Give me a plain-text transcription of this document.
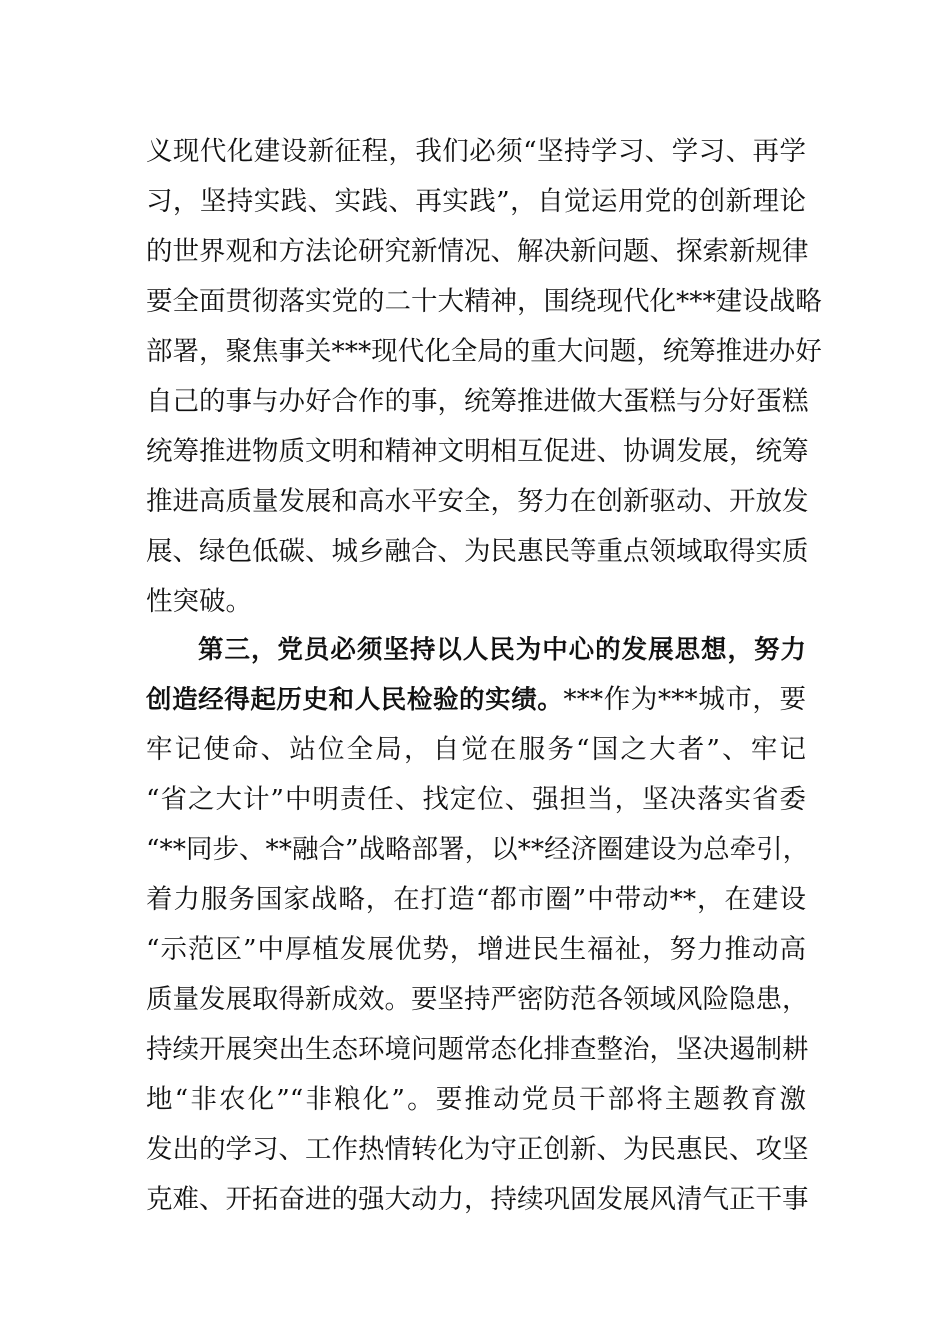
义现代化建设新征程，我们必须“坚持学习、学习、再学
习，坚持实践、实践、再实践”，自觉运用党的创新理论
的世界观和方法论研究新情况、解决新问题、探索新规律
要全面贯彻落实党的二十大精神，围绕现代化***建设战略
部署，聚焦事关***现代化全局的重大问题，统筹推进办好
自己的事与办好合作的事，统筹推进做大蛋糕与分好蛋糕
统筹推进物质文明和精神文明相互促进、协调发展，统筹
推进高质量发展和高水平安全，努力在创新驱动、开放发
展、绿色低碳、城乡融合、为民惠民等重点领域取得实质
性突破。
第三，党员必须坚持以人民为中心的发展思想，努力
创造经得起历史和人民检验的实绩。***作为***城市，要
牢记使命、站位全局，自觉在服务“国之大者”、牢记
“省之大计”中明责任、找定位、强担当，坚决落实省委
“**同步、**融合”战略部署，以**经济圈建设为总牵引，
着力服务国家战略，在打造“都市圈”中带动**，在建设
“示范区”中厚植发展优势，增进民生福祉，努力推动高
质量发展取得新成效。要坚持严密防范各领域风险隐患，
持续开展突出生态环境问题常态化排查整治，坚决遏制耕
地“非农化”“非粮化”。要推动党员干部将主题教育激
发出的学习、工作热情转化为守正创新、为民惠民、攻坚
克难、开拓奋进的强大动力，持续巩固发展风清气正干事
